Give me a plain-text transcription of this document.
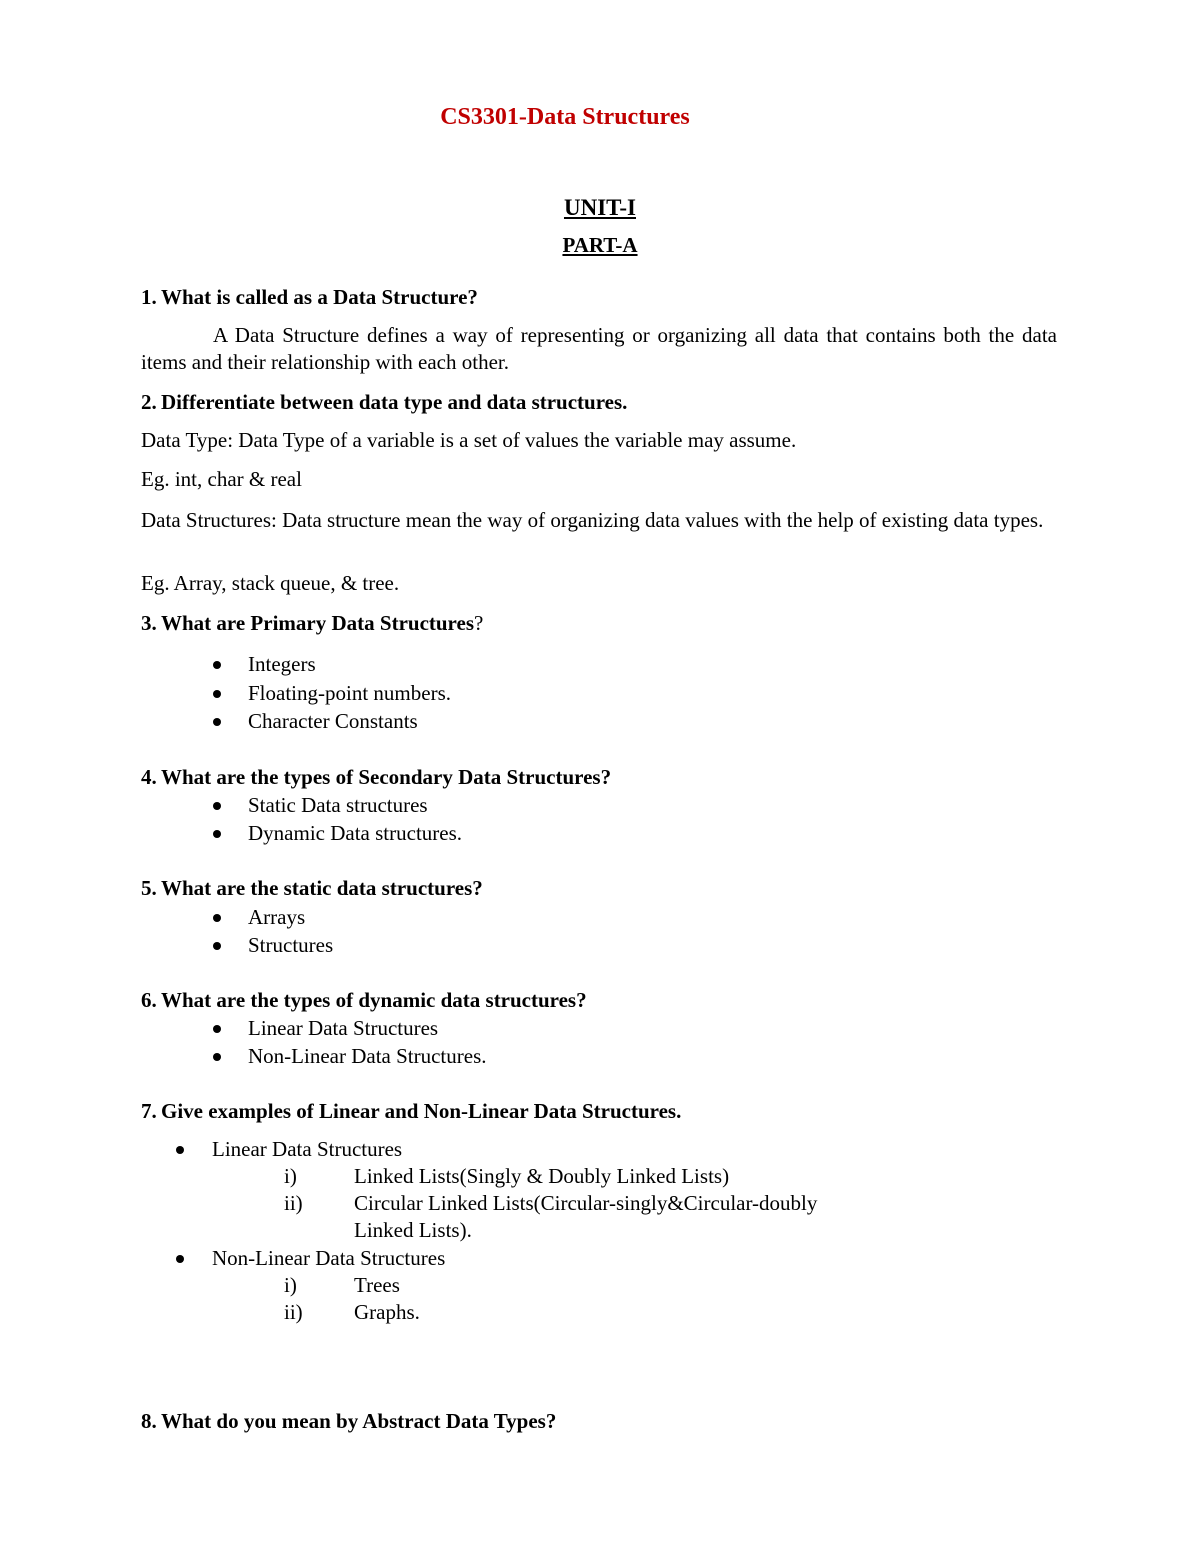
CS3301-Data Structures
UNIT-I
PART-A
1. What is called as a Data Structure?
A Data Structure defines a way of representing or organizing all data that contains both the data items and their relationship with each other.
2. Differentiate between data type and data structures.
Data Type: Data Type of a variable is a set of values the variable may assume.
Eg. int, char & real
Data Structures: Data structure mean the way of organizing data values with the help of existing data types.
Eg. Array, stack queue, & tree.
3. What are Primary Data Structures?
Integers
Floating-point numbers.
Character Constants
4. What are the types of Secondary Data Structures?
Static Data structures
Dynamic Data structures.
5. What are the static data structures?
Arrays
Structures
6. What are the types of dynamic data structures?
Linear Data Structures
Non-Linear Data Structures.
7. Give examples of Linear and Non-Linear Data Structures.
Linear Data Structures
i)	Linked Lists(Singly & Doubly Linked Lists)
ii) Circular Linked Lists(Circular-singly&Circular-doubly
Linked Lists).
Non-Linear Data Structures
i)	Trees
ii) Graphs.
8. What do you mean by Abstract Data Types?
